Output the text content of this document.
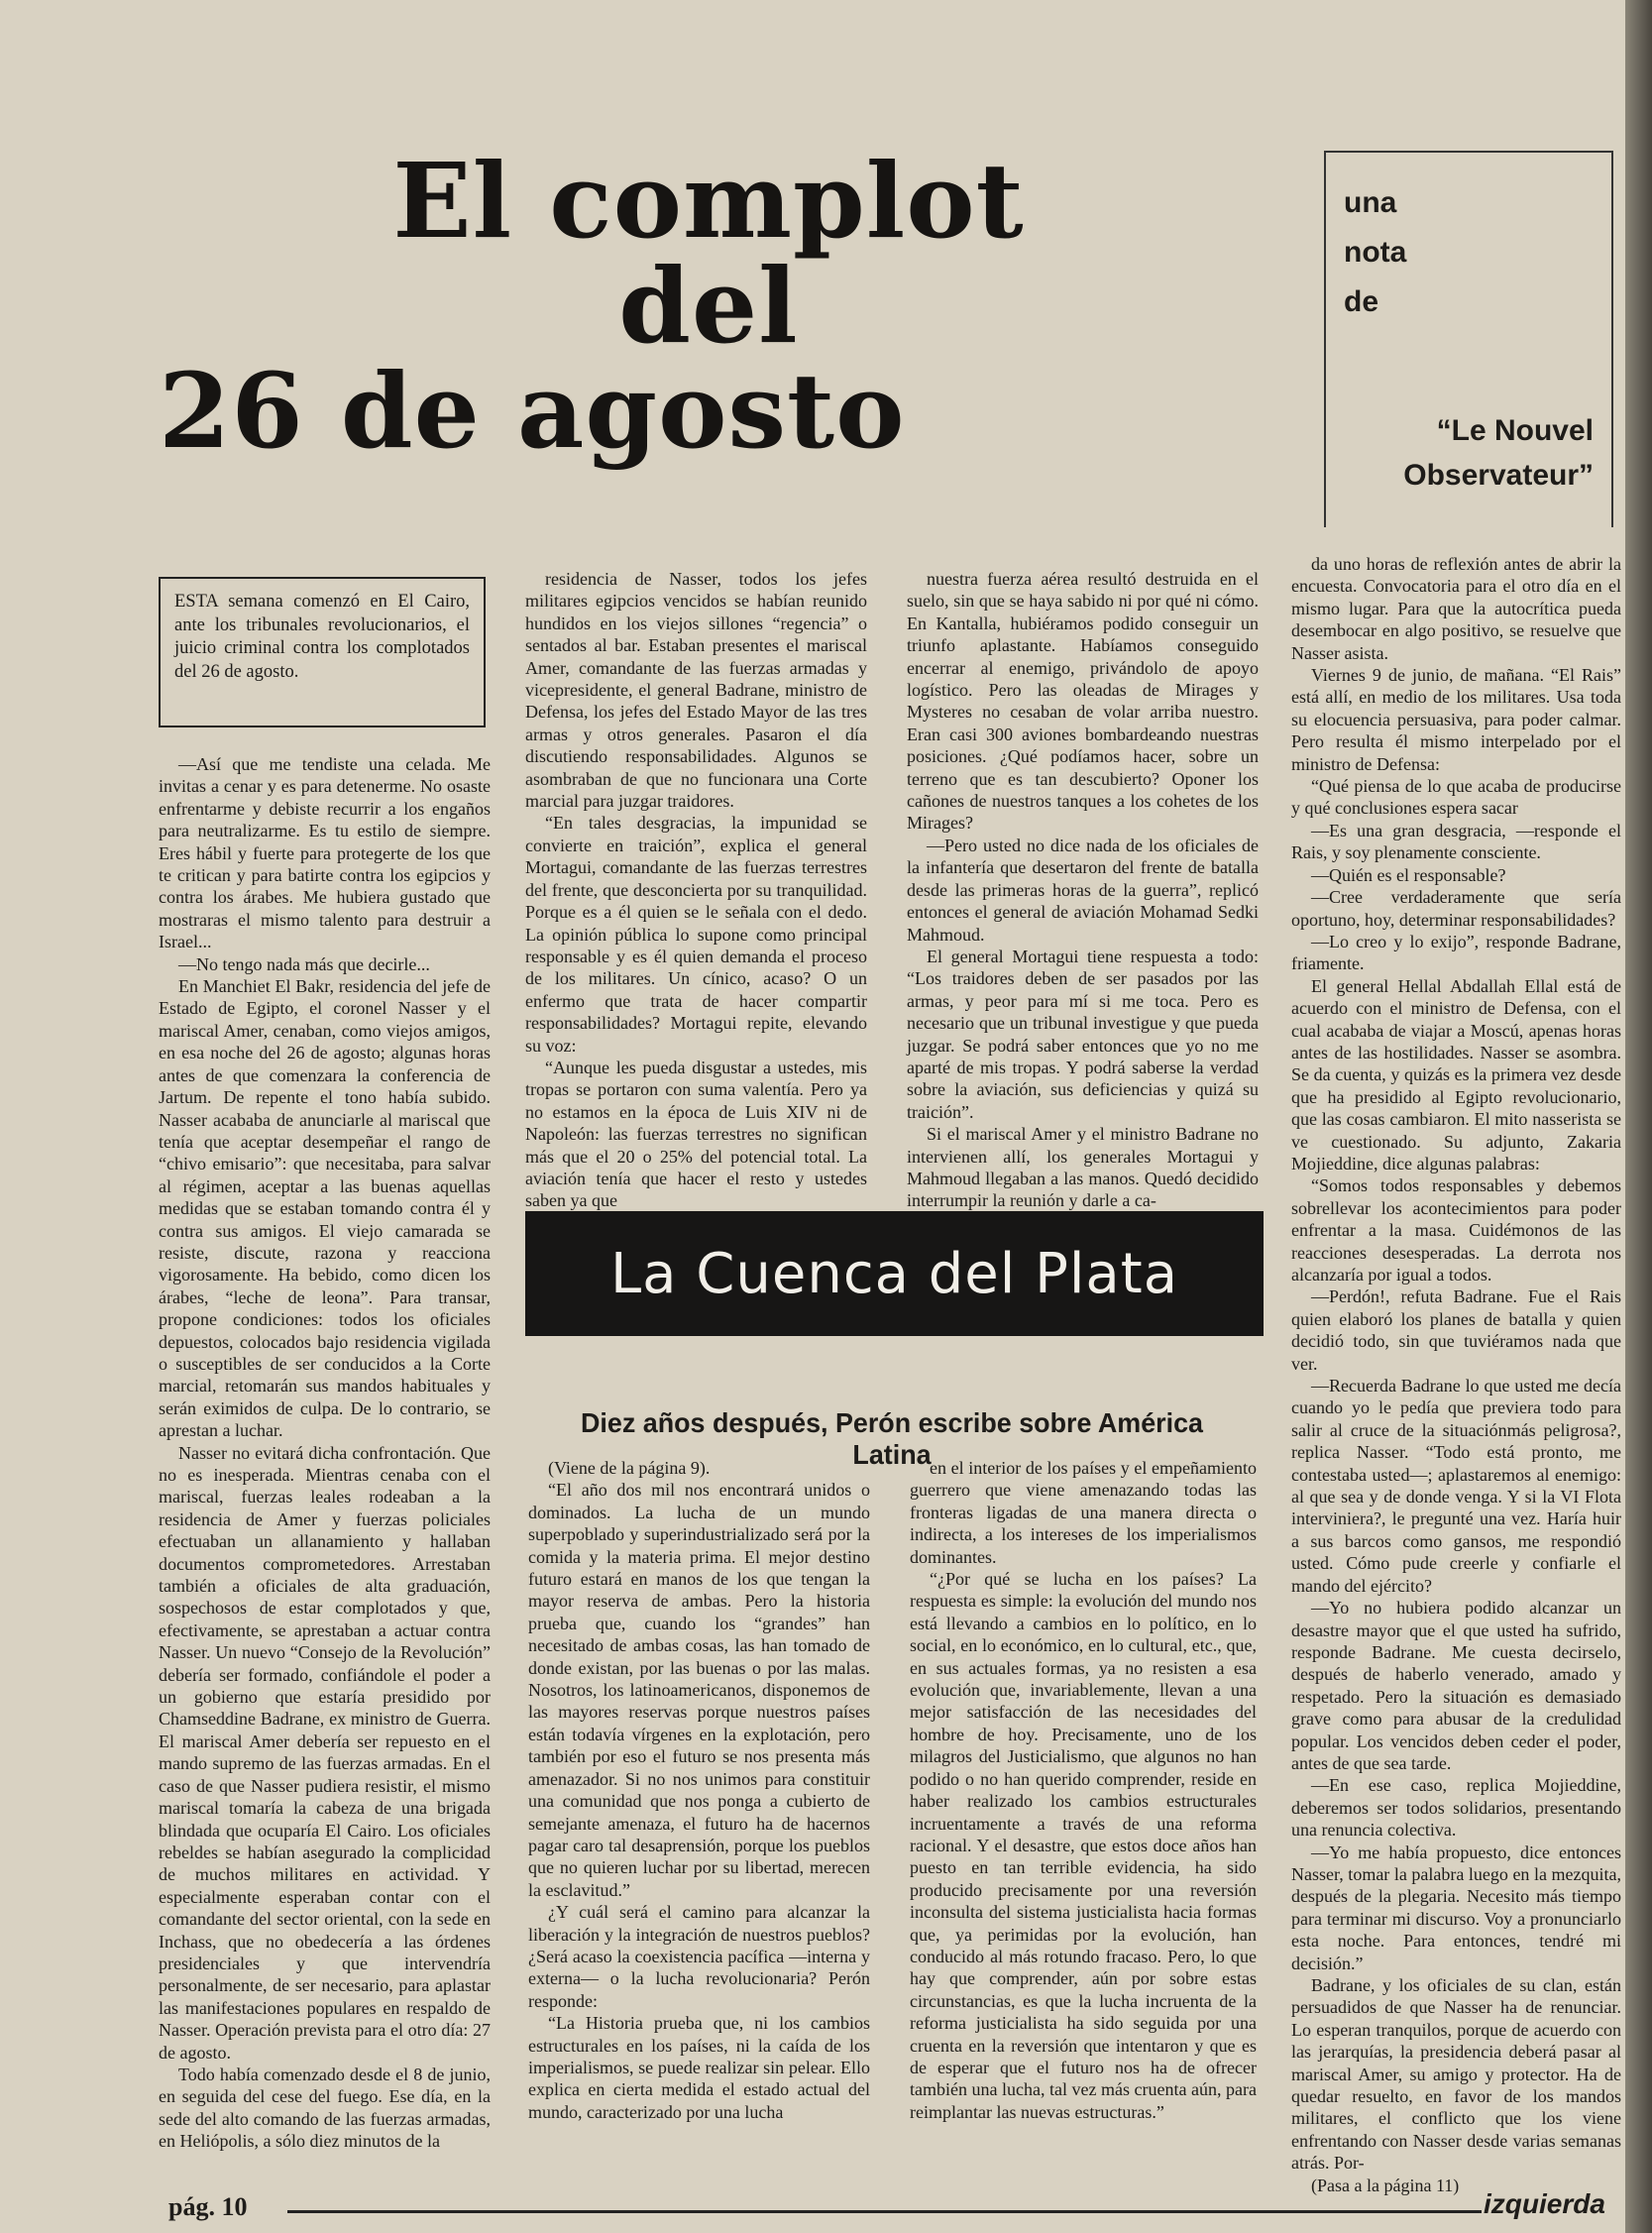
El complot
del
26 de agosto
una
nota
de
“Le Nouvel
Observateur”
ESTA semana comenzó en El Cairo, ante los tribunales revolucionarios, el juicio criminal contra los complotados del 26 de agosto.

—Así que me tendiste una celada. Me invitas a cenar y es para detenerme. No osaste enfrentarme y debiste recurrir a los engaños para neutralizarme. Es tu estilo de siempre. Eres hábil y fuerte para protegerte de los que te critican y para batirte contra los egipcios y contra los árabes. Me hubiera gustado que mostraras el mismo talento para destruir a Israel...

—No tengo nada más que decirle...

En Manchiet El Bakr, residencia del jefe de Estado de Egipto, el coronel Nasser y el mariscal Amer, cenaban, como viejos amigos, en esa noche del 26 de agosto; algunas horas antes de que comenzara la conferencia de Jartum. De repente el tono había subido. Nasser acababa de anunciarle al mariscal que tenía que aceptar desempeñar el rango de “chivo emisario”: que necesitaba, para salvar al régimen, aceptar a las buenas aquellas medidas que se estaban tomando contra él y contra sus amigos. El viejo camarada se resiste, discute, razona y reacciona vigorosamente. Ha bebido, como dicen los árabes, “leche de leona”. Para transar, propone condiciones: todos los oficiales depuestos, colocados bajo residencia vigilada o susceptibles de ser conducidos a la Corte marcial, retomarán sus mandos habituales y serán eximidos de culpa. De lo contrario, se aprestan a luchar.

Nasser no evitará dicha confrontación. Que no es inesperada. Mientras cenaba con el mariscal, fuerzas leales rodeaban a la residencia de Amer y fuerzas policiales efectuaban un allanamiento y hallaban documentos comprometedores. Arrestaban también a oficiales de alta graduación, sospechosos de estar complotados y que, efectivamente, se aprestaban a actuar contra Nasser. Un nuevo “Consejo de la Revolución” debería ser formado, confiándole el poder a un gobierno que estaría presidido por Chamseddine Badrane, ex ministro de Guerra. El mariscal Amer debería ser repuesto en el mando supremo de las fuerzas armadas. En el caso de que Nasser pudiera resistir, el mismo mariscal tomaría la cabeza de una brigada blindada que ocuparía El Cairo. Los oficiales rebeldes se habían asegurado la complicidad de muchos militares en actividad. Y especialmente esperaban contar con el comandante del sector oriental, con la sede en Inchass, que no obedecería a las órdenes presidenciales y que intervendría personalmente, de ser necesario, para aplastar las manifestaciones populares en respaldo de Nasser. Operación prevista para el otro día: 27 de agosto.

Todo había comenzado desde el 8 de junio, en seguida del cese del fuego. Ese día, en la sede del alto comando de las fuerzas armadas, en Heliópolis, a sólo diez minutos de la

residencia de Nasser, todos los jefes militares egipcios vencidos se habían reunido hundidos en los viejos sillones “regencia” o sentados al bar. Estaban presentes el mariscal Amer, comandante de las fuerzas armadas y vicepresidente, el general Badrane, ministro de Defensa, los jefes del Estado Mayor de las tres armas y otros generales. Pasaron el día discutiendo responsabilidades. Algunos se asombraban de que no funcionara una Corte marcial para juzgar traidores.

“En tales desgracias, la impunidad se convierte en traición”, explica el general Mortagui, comandante de las fuerzas terrestres del frente, que desconcierta por su tranquilidad. Porque es a él quien se le señala con el dedo. La opinión pública lo supone como principal responsable y es él quien demanda el proceso de los militares. Un cínico, acaso? O un enfermo que trata de hacer compartir responsabilidades? Mortagui repite, elevando su voz:

“Aunque les pueda disgustar a ustedes, mis tropas se portaron con suma valentía. Pero ya no estamos en la época de Luis XIV ni de Napoleón: las fuerzas terrestres no significan más que el 20 o 25% del potencial total. La aviación tenía que hacer el resto y ustedes saben ya que

nuestra fuerza aérea resultó destruida en el suelo, sin que se haya sabido ni por qué ni cómo. En Kantalla, hubiéramos podido conseguir un triunfo aplastante. Habíamos conseguido encerrar al enemigo, privándolo de apoyo logístico. Pero las oleadas de Mirages y Mysteres no cesaban de volar arriba nuestro. Eran casi 300 aviones bombardeando nuestras posiciones. ¿Qué podíamos hacer, sobre un terreno que es tan descubierto? Oponer los cañones de nuestros tanques a los cohetes de los Mirages?

—Pero usted no dice nada de los oficiales de la infantería que desertaron del frente de batalla desde las primeras horas de la guerra”, replicó entonces el general de aviación Mohamad Sedki Mahmoud.

El general Mortagui tiene respuesta a todo: “Los traidores deben de ser pasados por las armas, y peor para mí si me toca. Pero es necesario que un tribunal investigue y que pueda juzgar. Se podrá saber entonces que yo no me aparté de mis tropas. Y podrá saberse la verdad sobre la aviación, sus deficiencias y quizá su traición”.

Si el mariscal Amer y el ministro Badrane no intervienen allí, los generales Mortagui y Mahmoud llegaban a las manos. Quedó decidido interrumpir la reunión y darle a ca-

da uno horas de reflexión antes de abrir la encuesta. Convocatoria para el otro día en el mismo lugar. Para que la autocrítica pueda desembocar en algo positivo, se resuelve que Nasser asista.

Viernes 9 de junio, de mañana. “El Rais” está allí, en medio de los militares. Usa toda su elocuencia persuasiva, para poder calmar. Pero resulta él mismo interpelado por el ministro de Defensa:

“Qué piensa de lo que acaba de producirse y qué conclusiones espera sacar

—Es una gran desgracia, —responde el Rais, y soy plenamente consciente.

—Quién es el responsable?

—Cree verdaderamente que sería oportuno, hoy, determinar responsabilidades?

—Lo creo y lo exijo”, responde Badrane, friamente.

El general Hellal Abdallah Ellal está de acuerdo con el ministro de Defensa, con el cual acababa de viajar a Moscú, apenas horas antes de las hostilidades. Nasser se asombra. Se da cuenta, y quizás es la primera vez desde que ha presidido al Egipto revolucionario, que las cosas cambiaron. El mito nasserista se ve cuestionado. Su adjunto, Zakaria Mojieddine, dice algunas palabras:

“Somos todos responsables y debemos sobrellevar los acontecimientos para poder enfrentar a la masa. Cuidémonos de las reacciones desesperadas. La derrota nos alcanzaría por igual a todos.

—Perdón!, refuta Badrane. Fue el Rais quien elaboró los planes de batalla y quien decidió todo, sin que tuviéramos nada que ver.

—Recuerda Badrane lo que usted me decía cuando yo le pedía que previera todo para salir al cruce de la situaciónmás peligrosa?, replica Nasser. “Todo está pronto, me contestaba usted—; aplastaremos al enemigo: al que sea y de donde venga. Y si la VI Flota interviniera?, le pregunté una vez. Haría huir a sus barcos como gansos, me respondió usted. Cómo pude creerle y confiarle el mando del ejército?

—Yo no hubiera podido alcanzar un desastre mayor que el que usted ha sufrido, responde Badrane. Me cuesta decirselo, después de haberlo venerado, amado y respetado. Pero la situación es demasiado grave como para abusar de la credulidad popular. Los vencidos deben ceder el poder, antes de que sea tarde.

—En ese caso, replica Mojieddine, deberemos ser todos solidarios, presentando una renuncia colectiva.

—Yo me había propuesto, dice entonces Nasser, tomar la palabra luego en la mezquita, después de la plegaria. Necesito más tiempo para terminar mi discurso. Voy a pronunciarlo esta noche. Para entonces, tendré mi decisión.”

Badrane, y los oficiales de su clan, están persuadidos de que Nasser ha de renunciar. Lo esperan tranquilos, porque de acuerdo con las jerarquías, la presidencia deberá pasar al mariscal Amer, su amigo y protector. Ha de quedar resuelto, en favor de los mandos militares, el conflicto que los viene enfrentando con Nasser desde varias semanas atrás. Por-

(Pasa a la página 11)

La Cuenca del Plata
Diez años después, Perón escribe sobre América Latina

(Viene de la página 9).

“El año dos mil nos encontrará unidos o dominados. La lucha de un mundo superpoblado y superindustrializado será por la comida y la materia prima. El mejor destino futuro estará en manos de los que tengan la mayor reserva de ambas. Pero la historia prueba que, cuando los “grandes” han necesitado de ambas cosas, las han tomado de donde existan, por las buenas o por las malas. Nosotros, los latinoamericanos, disponemos de las mayores reservas porque nuestros países están todavía vírgenes en la explotación, pero también por eso el futuro se nos presenta más amenazador. Si no nos unimos para constituir una comunidad que nos ponga a cubierto de semejante amenaza, el futuro ha de hacernos pagar caro tal desaprensión, porque los pueblos que no quieren luchar por su libertad, merecen la esclavitud.”

¿Y cuál será el camino para alcanzar la liberación y la integración de nuestros pueblos? ¿Será acaso la coexistencia pacífica —interna y externa— o la lucha revolucionaria? Perón responde:

“La Historia prueba que, ni los cambios estructurales en los países, ni la caída de los imperialismos, se puede realizar sin pelear. Ello explica en cierta medida el estado actual del mundo, caracterizado por una lucha

en el interior de los países y el empeñamiento guerrero que viene amenazando todas las fronteras ligadas de una manera directa o indirecta, a los intereses de los imperialismos dominantes.

“¿Por qué se lucha en los países? La respuesta es simple: la evolución del mundo nos está llevando a cambios en lo político, en lo social, en lo económico, en lo cultural, etc., que, en sus actuales formas, ya no resisten a esa evolución que, invariablemente, llevan a una mejor satisfacción de las necesidades del hombre de hoy. Precisamente, uno de los milagros del Justicialismo, que algunos no han podido o no han querido comprender, reside en haber realizado los cambios estructurales incruentamente a través de una reforma racional. Y el desastre, que estos doce años han puesto en tan terrible evidencia, ha sido producido precisamente por una reversión inconsulta del sistema justicialista hacia formas que, ya perimidas por la evolución, han conducido al más rotundo fracaso. Pero, lo que hay que comprender, aún por sobre estas circunstancias, es que la lucha incruenta de la reforma justicialista ha sido seguida por una cruenta en la reversión que intentaron y que es de esperar que el futuro nos ha de ofrecer también una lucha, tal vez más cruenta aún, para reimplantar las nuevas estructuras.”

pág. 10	izquierda
